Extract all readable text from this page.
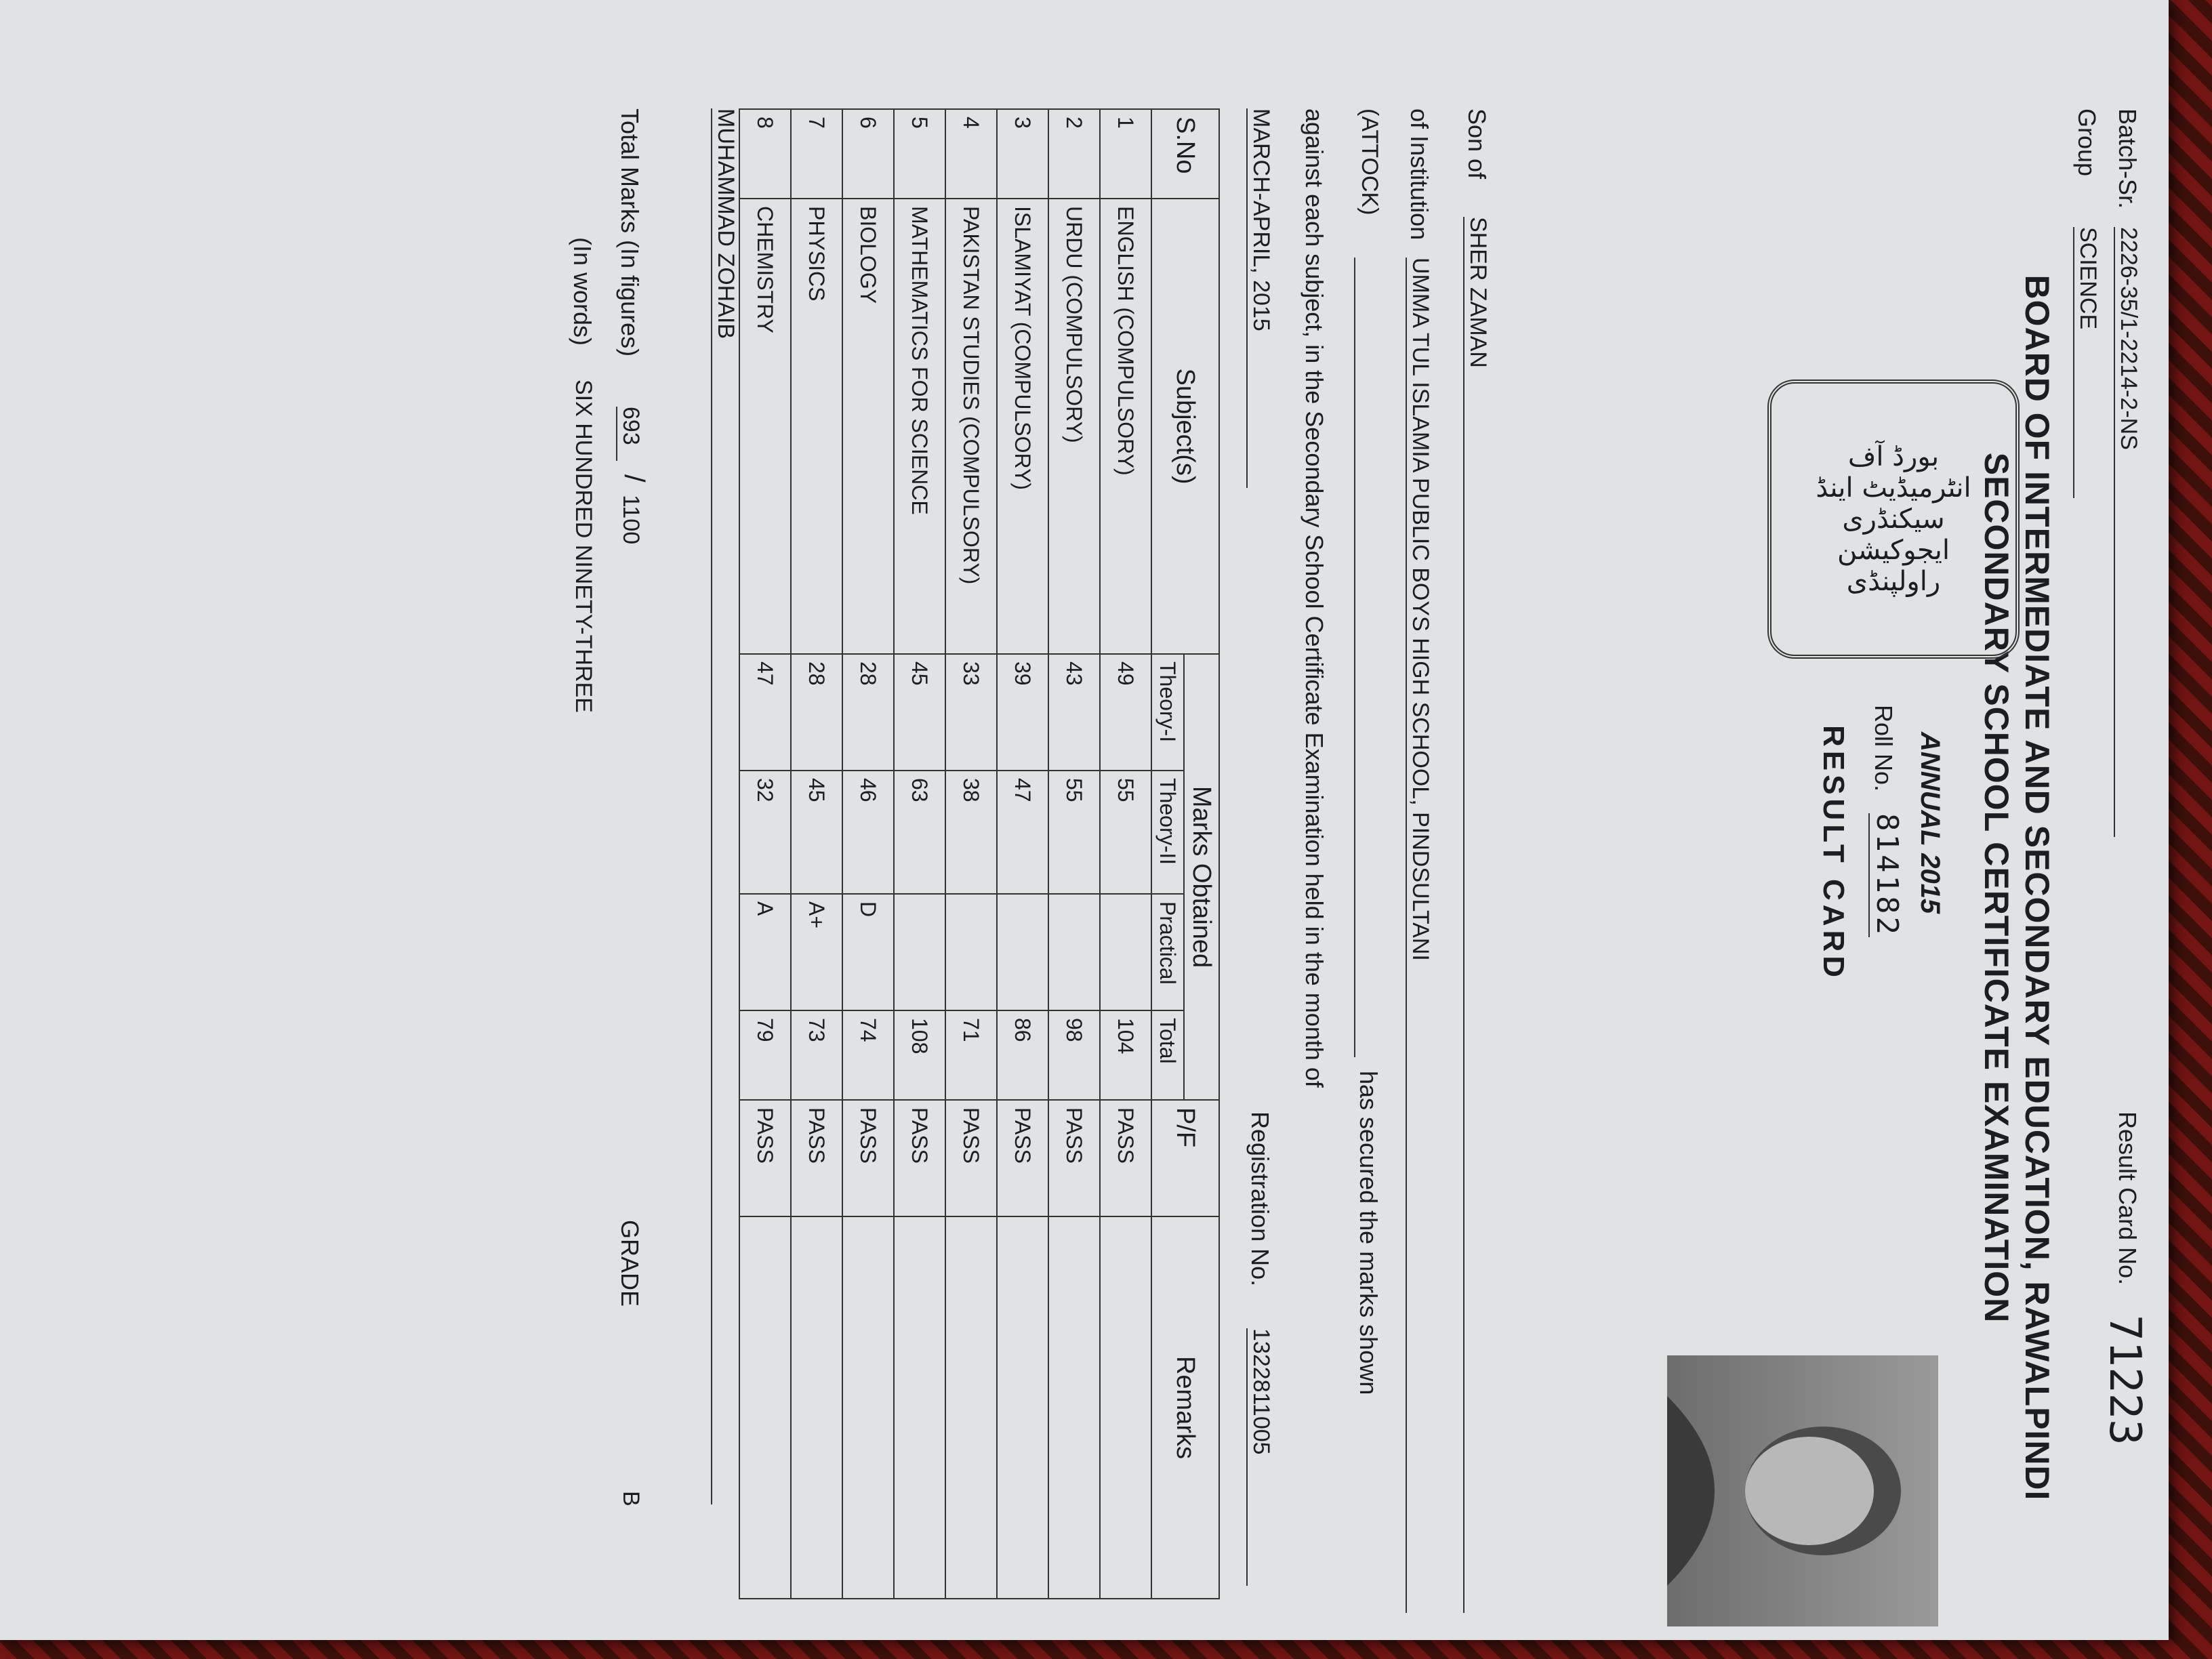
Batch-Sr.
2226-35/1-2214-2-NS
Group
SCIENCE
Result Card No.
71223
BOARD OF INTERMEDIATE AND SECONDARY EDUCATION, RAWALPINDI
SECONDARY SCHOOL CERTIFICATE EXAMINATION
بورڈ آف انٹرمیڈیٹ اینڈ سیکنڈری ایجوکیشن راولپنڈی
ANNUAL 2015
Roll No.
814182
RESULT CARD
MUHAMMAD ZOHAIB	Son of
SHER ZAMAN
of Institution
UMMA TUL ISLAMIA PUBLIC BOYS HIGH SCHOOL, PINDSULTANI
(ATTOCK)
has secured the marks shown
against each subject, in the Secondary School Certificate Examination held in the month of
MARCH-APRIL, 2015
Registration No.
1322811005
S.No	Subject(s)	Marks Obtained				P/F	Remarks
		Theory-I	Theory-II	Practical	Total		
1	ENGLISH (COMPULSORY)	49	55		104	PASS	
2	URDU (COMPULSORY)	43	55		98	PASS	
3	ISLAMIYAT (COMPULSORY)	39	47		86	PASS	
4	PAKISTAN STUDIES (COMPULSORY)	33	38		71	PASS	
5	MATHEMATICS FOR SCIENCE	45	63		108	PASS	
6	BIOLOGY	28	46	D	74	PASS	
7	PHYSICS	28	45	A+	73	PASS	
8	CHEMISTRY	47	32	A	79	PASS	
Total Marks (In figures)
693
/
1100
GRADE
B
(In words)
SIX HUNDRED NINETY-THREE
